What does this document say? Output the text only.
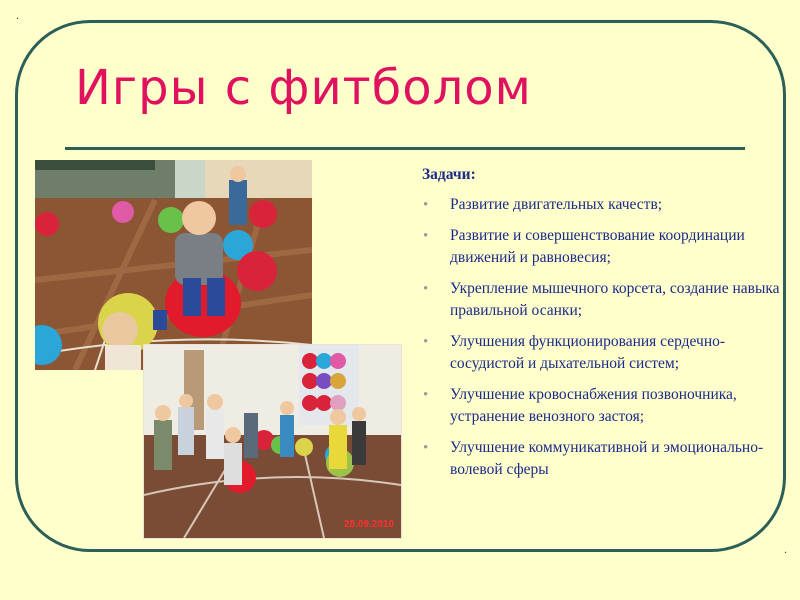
.
.
Игры с фитболом
28.09.2010
Задачи:
• Развитие двигательных качеств;
• Развитие и совершенствование координации движений и равновесия;
• Укрепление мышечного корсета, создание навыка правильной осанки;
• Улучшения функционирования сердечно-сосудистой и дыхательной систем;
• Улучшение кровоснабжения позвоночника, устранение венозного застоя;
• Улучшение коммуникативной и эмоционально-волевой сферы
